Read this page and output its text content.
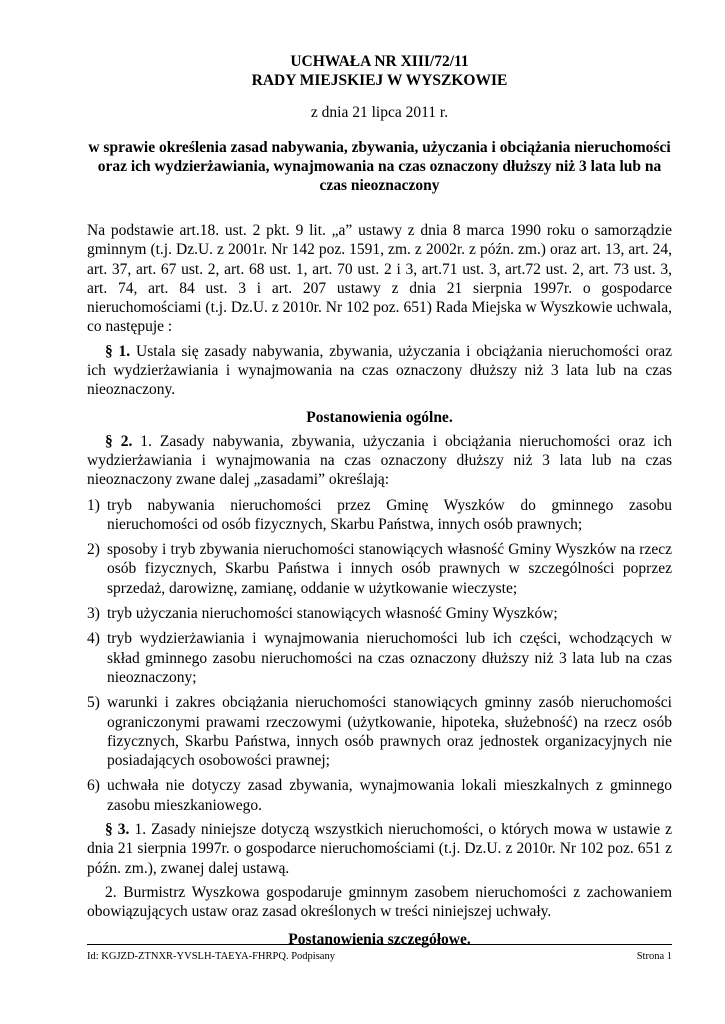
UCHWAŁA NR XIII/72/11
RADY MIEJSKIEJ W WYSZKOWIE
z dnia 21 lipca 2011 r.
w sprawie określenia zasad nabywania, zbywania, użyczania i obciążania nieruchomości oraz ich wydzierżawiania, wynajmowania na czas oznaczony dłuższy niż 3 lata lub na czas nieoznaczony

Na podstawie art.18. ust. 2 pkt. 9 lit. „a” ustawy z dnia 8 marca 1990 roku o samorządzie gminnym (t.j. Dz.U. z 2001r. Nr 142 poz. 1591, zm. z 2002r. z późn. zm.) oraz art. 13, art. 24, art. 37, art. 67 ust. 2, art. 68 ust. 1, art. 70 ust. 2 i 3, art.71 ust. 3, art.72 ust. 2, art. 73 ust. 3, art. 74, art. 84 ust. 3 i art. 207 ustawy z dnia 21 sierpnia 1997r. o gospodarce nieruchomościami (t.j. Dz.U. z 2010r. Nr 102 poz. 651) Rada Miejska w Wyszkowie uchwala, co następuje :

§ 1. Ustala się zasady nabywania, zbywania, użyczania i obciążania nieruchomości oraz ich wydzierżawiania i wynajmowania na czas oznaczony dłuższy niż 3 lata lub na czas nieoznaczony.

Postanowienia ogólne.

§ 2. 1. Zasady nabywania, zbywania, użyczania i obciążania nieruchomości oraz ich wydzierżawiania i wynajmowania na czas oznaczony dłuższy niż 3 lata lub na czas nieoznaczony zwane dalej „zasadami” określają:

1) tryb nabywania nieruchomości przez Gminę Wyszków do gminnego zasobu nieruchomości od osób fizycznych, Skarbu Państwa, innych osób prawnych;
2) sposoby i tryb zbywania nieruchomości stanowiących własność Gminy Wyszków na rzecz osób fizycznych, Skarbu Państwa i innych osób prawnych w szczególności poprzez sprzedaż, darowiznę, zamianę, oddanie w użytkowanie wieczyste;
3) tryb użyczania nieruchomości stanowiących własność Gminy Wyszków;
4) tryb wydzierżawiania i wynajmowania nieruchomości lub ich części, wchodzących w skład gminnego zasobu nieruchomości na czas oznaczony dłuższy niż 3 lata lub na czas nieoznaczony;
5) warunki i zakres obciążania nieruchomości stanowiących gminny zasób nieruchomości ograniczonymi prawami rzeczowymi (użytkowanie, hipoteka, służebność) na rzecz osób fizycznych, Skarbu Państwa, innych osób prawnych oraz jednostek organizacyjnych nie posiadających osobowości prawnej;
6) uchwała nie dotyczy zasad zbywania, wynajmowania lokali mieszkalnych z gminnego zasobu mieszkaniowego.

§ 3. 1. Zasady niniejsze dotyczą wszystkich nieruchomości, o których mowa w ustawie z dnia 21 sierpnia 1997r. o gospodarce nieruchomościami (t.j. Dz.U. z 2010r. Nr 102 poz. 651 z późn. zm.), zwanej dalej ustawą.

2. Burmistrz Wyszkowa gospodaruje gminnym zasobem nieruchomości z zachowaniem obowiązujących ustaw oraz zasad określonych w treści niniejszej uchwały.

Postanowienia szczegółowe.
Id: KGJZD-ZTNXR-YVSLH-TAEYA-FHRPQ. Podpisany	Strona 1
